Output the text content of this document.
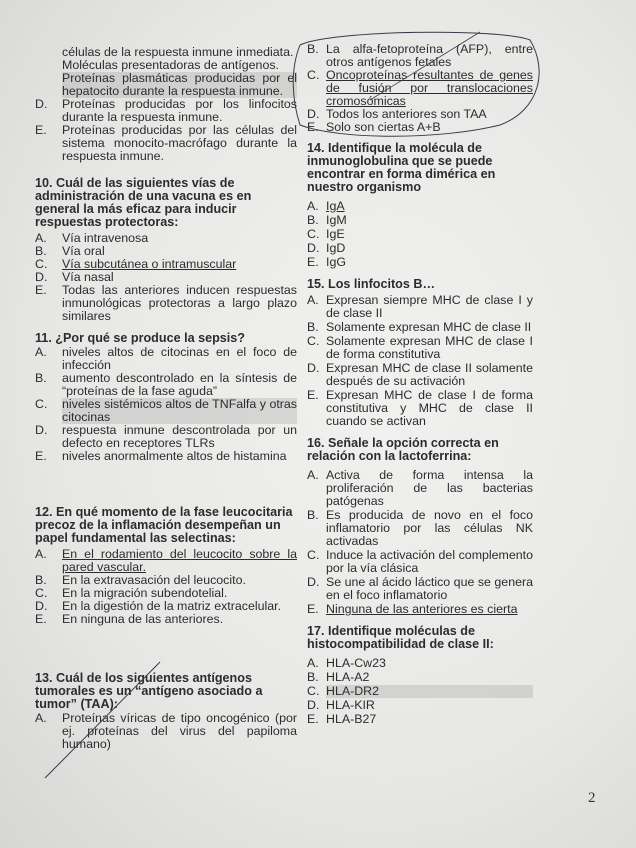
células de la respuesta inmune inmediata.
Moléculas presentadoras de antígenos.
Proteínas plasmáticas producidas por el hepatocito durante la respuesta inmune.
D.	Proteínas producidas por los linfocitos durante la respuesta inmune.
E.	Proteínas producidas por las células del sistema monocito-macrófago durante la respuesta inmune.
10. Cuál de las siguientes vías de administración de una vacuna es en general la más eficaz para inducir respuestas protectoras:
A.	Vía intravenosa
B.	Vía oral
C.	Vía subcutánea o intramuscular
D.	Vía nasal
E.	Todas las anteriores inducen respuestas inmunológicas protectoras a largo plazo similares
11. ¿Por qué se produce la sepsis?
A.	niveles altos de citocinas en el foco de infección
B.	aumento descontrolado en la síntesis de “proteínas de la fase aguda”
C.	niveles sistémicos altos de TNFalfa y otras citocinas
D.	respuesta inmune descontrolada por un defecto en receptores TLRs
E.	niveles anormalmente altos de histamina
12. En qué momento de la fase leucocitaria precoz de la inflamación desempeñan un papel fundamental las selectinas:
A.	En el rodamiento del leucocito sobre la pared vascular.
B.	En la extravasación del leucocito.
C.	En la migración subendotelial.
D.	En la digestión de la matriz extracelular.
E.	En ninguna de las anteriores.
13. Cuál de los siguientes antígenos tumorales es un “antígeno asociado a tumor” (TAA):
A.	Proteínas víricas de tipo oncogénico (por ej. proteínas del virus del papiloma humano)
B. La alfa-fetoproteína (AFP), entre otros antígenos fetales
C. Oncoproteínas resultantes de genes de fusión por translocaciones cromosómicas
D. Todos los anteriores son TAA
E. Solo son ciertas A+B
14. Identifique la molécula de inmunoglobulina que se puede encontrar en forma dimérica en nuestro organismo
A. IgA
B. IgM
C. IgE
D. IgD
E. IgG
15. Los linfocitos B…
A. Expresan siempre MHC de clase I y de clase II
B. Solamente expresan MHC de clase II
C. Solamente expresan MHC de clase I de forma constitutiva
D. Expresan MHC de clase II solamente después de su activación
E. Expresan MHC de clase I de forma constitutiva y MHC de clase II cuando se activan
16. Señale la opción correcta en relación con la lactoferrina:
A. Activa de forma intensa la proliferación de las bacterias patógenas
B. Es producida de novo en el foco inflamatorio por las células NK activadas
C. Induce la activación del complemento por la vía clásica
D. Se une al ácido láctico que se genera en el foco inflamatorio
E. Ninguna de las anteriores es cierta
17. Identifique moléculas de histocompatibilidad de clase II:
A. HLA-Cw23
B. HLA-A2
C. HLA-DR2
D. HLA-KIR
E. HLA-B27
2
